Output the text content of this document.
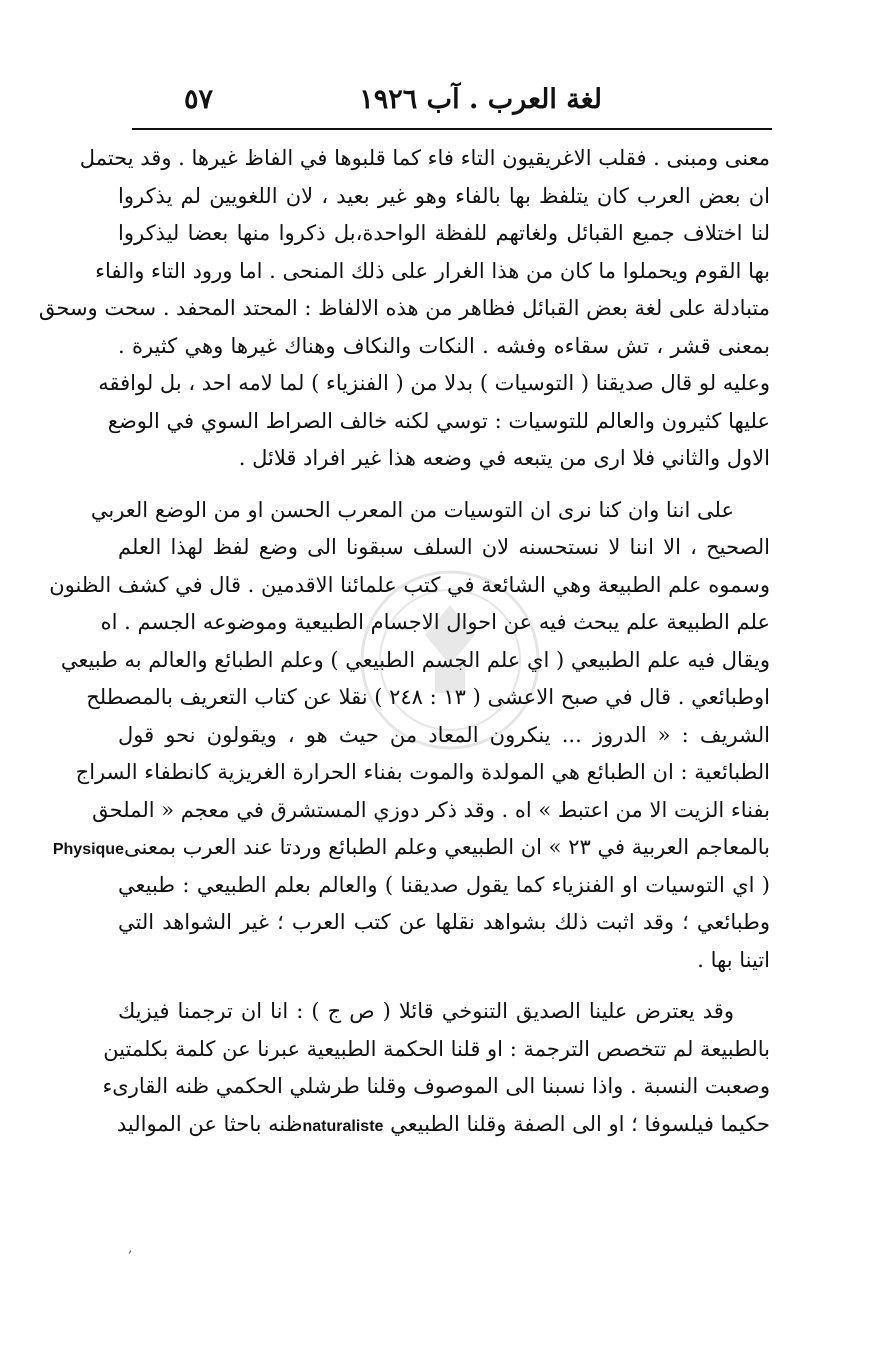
لغة العرب . آب ١٩٢٦
٥٧
معنى ومبنى . فقلب الاغريقيون التاء فاء كما قلبوها في الفاظ غيرها . وقد يحتمل
ان بعض العرب كان يتلفظ بها بالفاء وهو غير بعيد ، لان اللغويين لم يذكروا
لنا اختلاف جميع القبائل ولغاتهم للفظة الواحدة،بل ذكروا منها بعضا ليذكروا
بها القوم ويحملوا ما كان من هذا الغرار على ذلك المنحى . اما ورود التاء والفاء
متبادلة على لغة بعض القبائل فظاهر من هذه الالفاظ : المحتد المحفد . سحت وسحق
بمعنى قشر ، تش سقاءه وفشه . النكات والنكاف وهناك غيرها وهي كثيرة .
وعليه لو قال صديقنا ( التوسيات ) بدلا من ( الفنزياء ) لما لامه احد ، بل لوافقه
عليها كثيرون والعالم للتوسيات : توسي لكنه خالف الصراط السوي في الوضع
الاول والثاني فلا ارى من يتبعه في وضعه هذا غير افراد قلائل .
على اننا وان كنا نرى ان التوسيات من المعرب الحسن او من الوضع العربي
الصحيح ، الا اننا لا نستحسنه لان السلف سبقونا الى وضع لفظ لهذا العلم
وسموه علم الطبيعة وهي الشائعة في كتب علمائنا الاقدمين . قال في كشف الظنون
علم الطبيعة علم يبحث فيه عن احوال الاجسام الطبيعية وموضوعه الجسم . اه
ويقال فيه علم الطبيعي ( اي علم الجسم الطبيعي ) وعلم الطبائع والعالم به طبيعي
اوطبائعي . قال في صبح الاعشى ( ١٣ : ٢٤٨ ) نقلا عن كتاب التعريف بالمصطلح
الشريف : « الدروز ... ينكرون المعاد من حيث هو ، ويقولون نحو قول
الطبائعية : ان الطبائع هي المولدة والموت بفناء الحرارة الغريزية كانطفاء السراج
بفناء الزيت الا من اعتبط » اه . وقد ذكر دوزي المستشرق في معجم « الملحق
بالمعاجم العربية في ٢٣ » ان الطبيعي وعلم الطبائع وردتا عند العرب بمعنىPhysique
( اي التوسيات او الفنزياء كما يقول صديقنا ) والعالم بعلم الطبيعي : طبيعي
وطبائعي ؛ وقد اثبت ذلك بشواهد نقلها عن كتب العرب ؛ غير الشواهد التي
اتينا بها .
وقد يعترض علينا الصديق التنوخي قائلا ( ص ج ) : انا ان ترجمنا فيزيك
بالطبيعة لم تتخصص الترجمة : او قلنا الحكمة الطبيعية عبرنا عن كلمة بكلمتين
وصعبت النسبة . واذا نسبنا الى الموصوف وقلنا طرشلي الحكمي ظنه القارىء
حكيما فيلسوفا ؛ او الى الصفة وقلنا الطبيعي naturalisteظنه باحثا عن المواليد
,
